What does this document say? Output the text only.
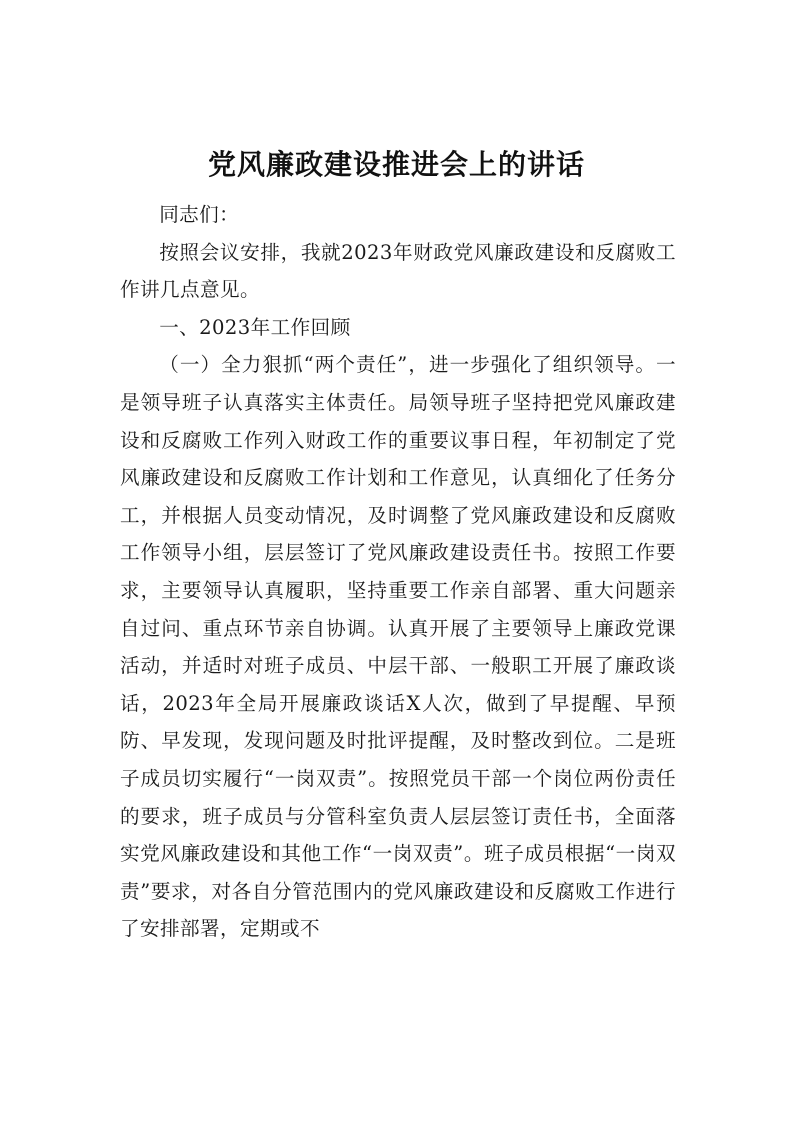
党风廉政建设推进会上的讲话

同志们：

按照会议安排，我就2023年财政党风廉政建设和反腐败工作讲几点意见。

一、2023年工作回顾

（一）全力狠抓“两个责任”，进一步强化了组织领导。一是领导班子认真落实主体责任。局领导班子坚持把党风廉政建设和反腐败工作列入财政工作的重要议事日程，年初制定了党风廉政建设和反腐败工作计划和工作意见，认真细化了任务分工，并根据人员变动情况，及时调整了党风廉政建设和反腐败工作领导小组，层层签订了党风廉政建设责任书。按照工作要求，主要领导认真履职，坚持重要工作亲自部署、重大问题亲自过问、重点环节亲自协调。认真开展了主要领导上廉政党课活动，并适时对班子成员、中层干部、一般职工开展了廉政谈话，2023年全局开展廉政谈话X人次，做到了早提醒、早预防、早发现，发现问题及时批评提醒，及时整改到位。二是班子成员切实履行“一岗双责”。按照党员干部一个岗位两份责任的要求，班子成员与分管科室负责人层层签订责任书，全面落实党风廉政建设和其他工作“一岗双责”。班子成员根据“一岗双责”要求，对各自分管范围内的党风廉政建设和反腐败工作进行了安排部署，定期或不
